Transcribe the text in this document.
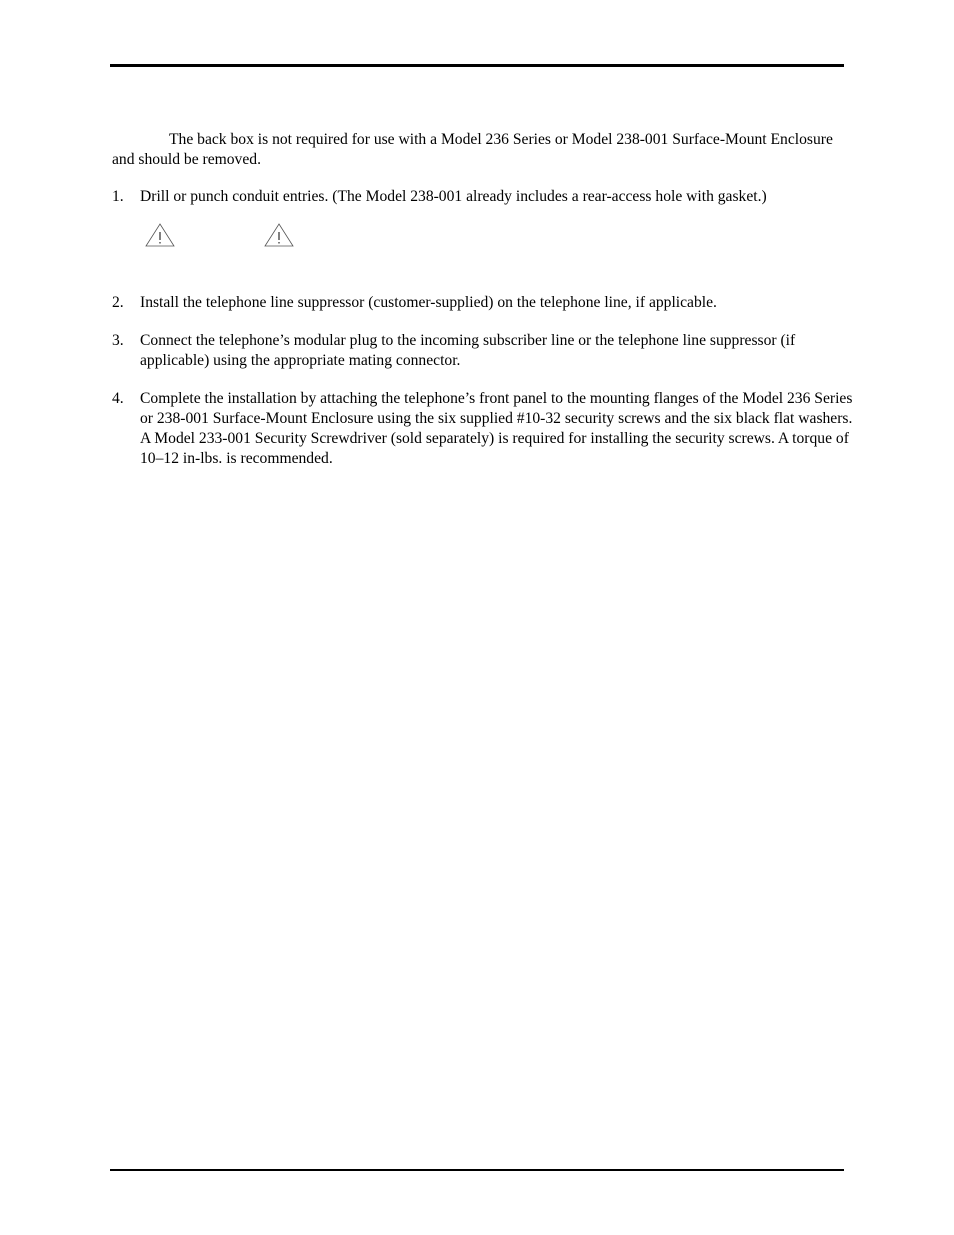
The back box is not required for use with a Model 236 Series or Model 238-001 Surface-Mount Enclosure and should be removed.

1. Drill or punch conduit entries. (The Model 238-001 already includes a rear-access hole with gasket.)
2. Install the telephone line suppressor (customer-supplied) on the telephone line, if applicable.
3. Connect the telephone’s modular plug to the incoming subscriber line or the telephone line suppressor (if applicable) using the appropriate mating connector.
4. Complete the installation by attaching the telephone’s front panel to the mounting flanges of the Model 236 Series or 238-001 Surface-Mount Enclosure using the six supplied #10-32 security screws and the six black flat washers. A Model 233-001 Security Screwdriver (sold separately) is required for installing the security screws. A torque of 10–12 in-lbs. is recommended.
